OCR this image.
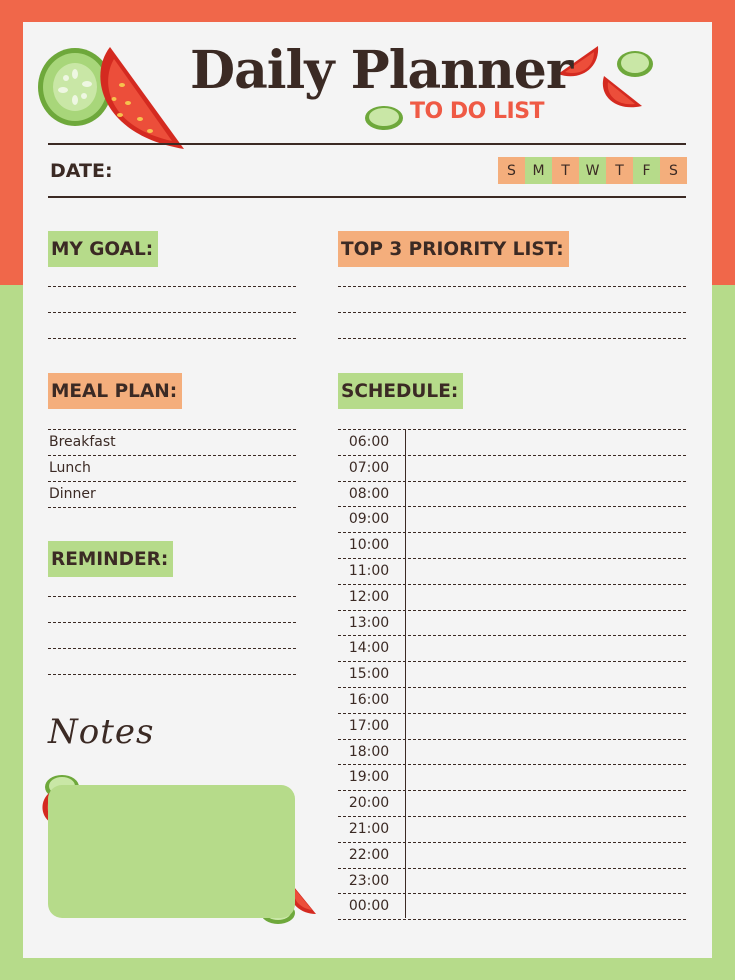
Daily Planner
TO DO LIST
DATE:	S	M	T	W	T	F	S
MY GOAL:	TOP 3 PRIORITY LIST:
MEAL PLAN:	SCHEDULE:
REMINDER:
Breakfast
Lunch
Dinner
Notes
06:00
07:00
08:00
09:00
10:00
11:00
12:00
13:00
14:00
15:00
16:00
17:00
18:00
19:00
20:00
21:00
22:00
23:00
00:00
